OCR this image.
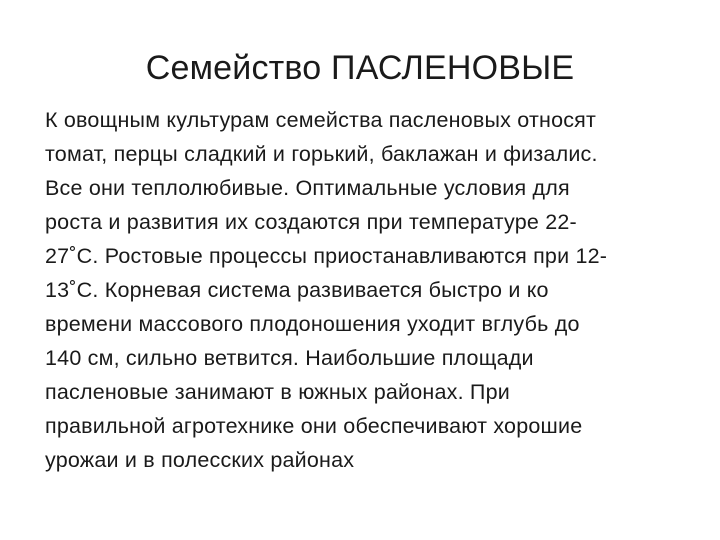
Семейство ПАСЛЕНОВЫЕ
К овощным культурам семейства пасленовых относят
томат, перцы сладкий и горький, баклажан и физалис.
Все они теплолюбивые. Оптимальные условия для
роста и развития их создаются при температуре 22-
27˚С. Ростовые процессы приостанавливаются при 12-
13˚С. Корневая система развивается быстро и ко
времени массового плодоношения уходит вглубь до
140 см, сильно ветвится. Наибольшие площади
пасленовые занимают в южных районах. При
правильной агротехнике они обеспечивают хорошие
урожаи и в полесских районах
